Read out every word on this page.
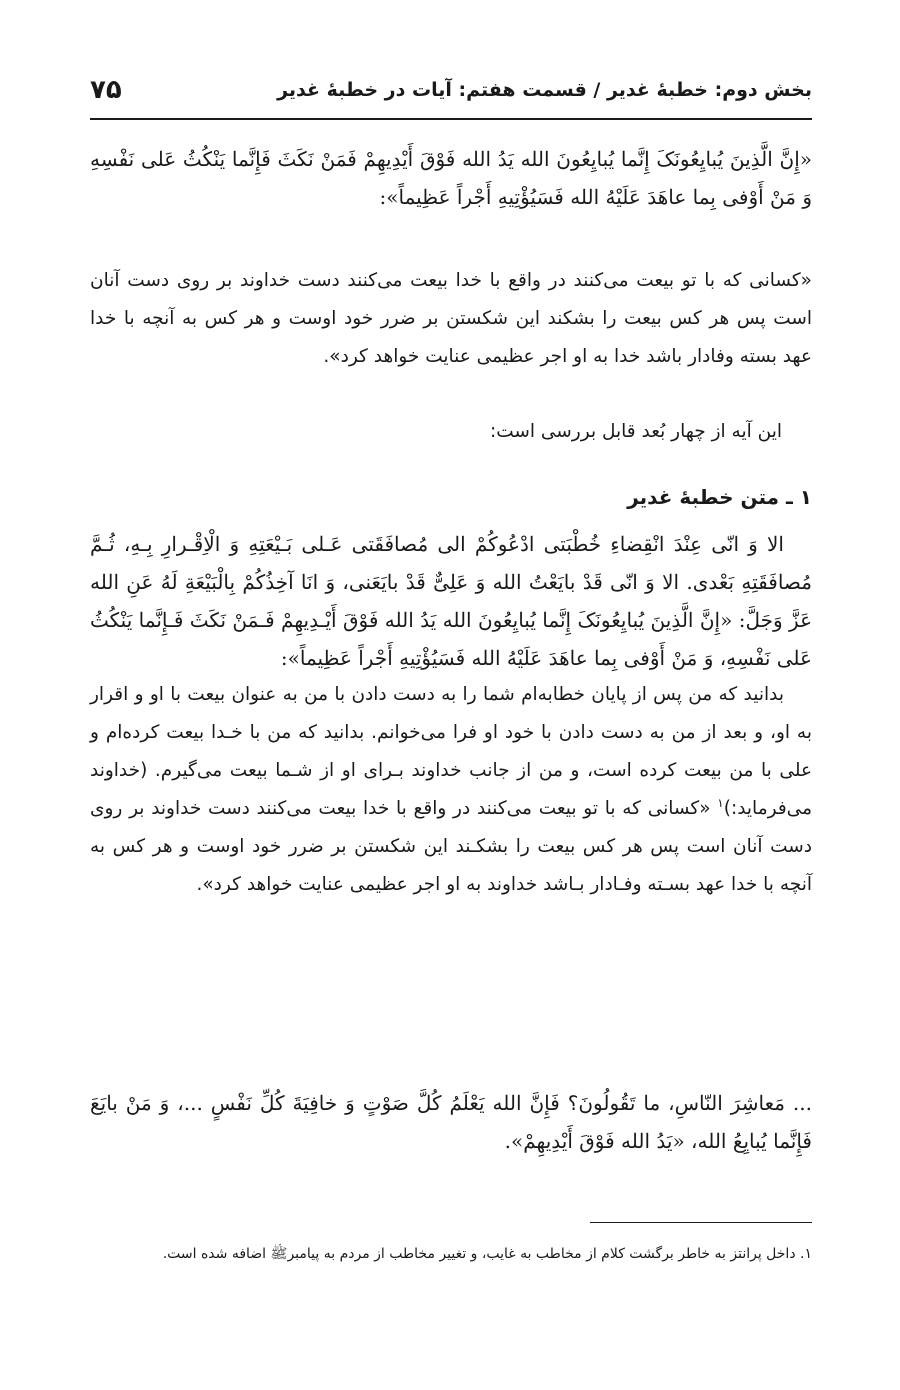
بخش دوم: خطبهٔ غدیر / قسمت هفتم: آیات در خطبهٔ غدیر
۷۵

«إِنَّ الَّذِينَ يُبايِعُونَکَ إِنَّما يُبايِعُونَ الله يَدُ الله فَوْقَ أَيْدِيهِمْ فَمَنْ نَکَثَ فَإِنَّما يَنْکُثُ عَلى نَفْسِهِ وَ مَنْ أَوْفى بِما عاهَدَ عَلَيْهُ الله فَسَيُؤْتِيهِ أَجْراً عَظِيماً»:

«کسانی که با تو بیعت می‌کنند در واقع با خدا بیعت می‌کنند دست خداوند بر روی دست آنان است پس هر کس بیعت را بشکند این شکستن بر ضرر خود اوست و هر کس به آنچه با خدا عهد بسته وفادار باشد خدا به او اجر عظیمی عنایت خواهد کرد».

این آیه از چهار بُعد قابل بررسی است:

۱ ـ متن خطبهٔ غدیر

الا وَ انّی عِنْدَ انْقِضاءِ خُطْبَتی ادْعُوکُمْ الی مُصافَقَتی عَـلی بَـيْعَتِهِ وَ الْاِقْـرارِ بِـهِ، ثُـمَّ مُصافَقَتِهِ بَعْدی. الا وَ انّی قَدْ بايَعْتُ الله وَ عَلِیٌّ قَدْ بايَعَنی، وَ انَا آخِذُکُمْ بِالْبَيْعَةِ لَهُ عَنِ الله عَزَّ وَجَلَّ: «إِنَّ الَّذِينَ يُبايِعُونَکَ إِنَّما يُبايِعُونَ الله يَدُ الله فَوْقَ أَيْـدِيهِمْ فَـمَنْ نَکَثَ فَـإِنَّما يَنْکُثُ عَلى نَفْسِهِ، وَ مَنْ أَوْفى بِما عاهَدَ عَلَيْهُ الله فَسَيُؤْتِيهِ أَجْراً عَظِيماً»:

بدانید که من پس از پایان خطابه‌ام شما را به دست دادن با من به عنوان بیعت با او و اقرار به او، و بعد از من به دست دادن با خود او فرا می‌خوانم. بدانید که من با خـدا بیعت کرده‌ام و علی با من بیعت کرده است، و من از جانب خداوند بـرای او از شـما بیعت می‌گیرم. (خداوند می‌فرماید:)$^۱$ «کسانی که با تو بیعت می‌کنند در واقع با خدا بیعت می‌کنند دست خداوند بر روی دست آنان است پس هر کس بیعت را بشکـند این شکستن بر ضرر خود اوست و هر کس به آنچه با خدا عهد بسـته وفـادار بـاشد خداوند به او اجر عظیمی عنایت خواهد کرد».

... مَعاشِرَ النّاسِ، ما تَقُولُونَ؟ فَإِنَّ الله يَعْلَمُ کُلَّ صَوْتٍ وَ خافِيَةَ کُلِّ نَفْسٍ ...، وَ مَنْ بايَعَ فَإِنَّما يُبايِعُ الله، «يَدُ الله فَوْقَ أَيْدِيهِمْ».

۱. داخل پرانتز به خاطر برگشت کلام از مخاطب به غایب، و تغییر مخاطب از مردم به پیامبرﷺ اضافه شده است.
